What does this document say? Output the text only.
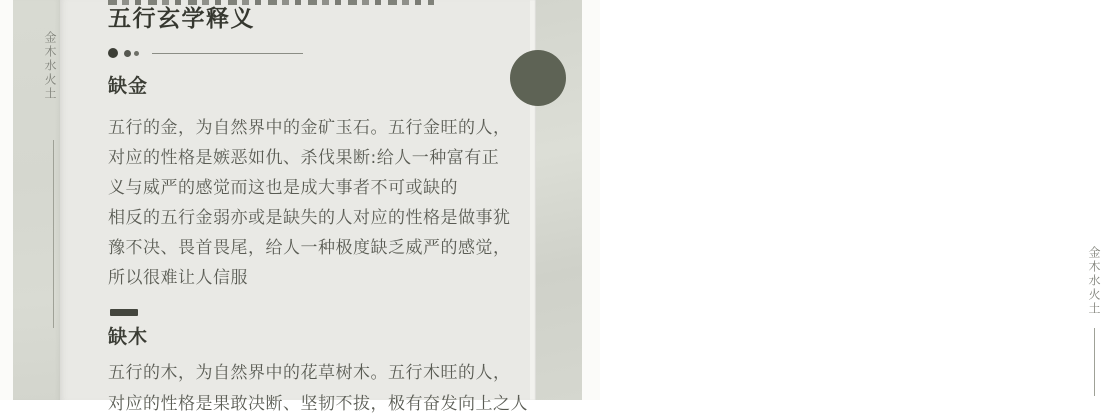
金木水火土
五行玄学释义
缺金
五行的金，为自然界中的金矿玉石。五行金旺的人，
对应的性格是嫉恶如仇、杀伐果断:给人一种富有正
义与威严的感觉而这也是成大事者不可或缺的
相反的五行金弱亦或是缺失的人对应的性格是做事犹
豫不决、畏首畏尾，给人一种极度缺乏威严的感觉，
所以很难让人信服
缺木
五行的木，为自然界中的花草树木。五行木旺的人，
对应的性格是果敢决断、坚韧不拔，极有奋发向上之人
金木水火土
